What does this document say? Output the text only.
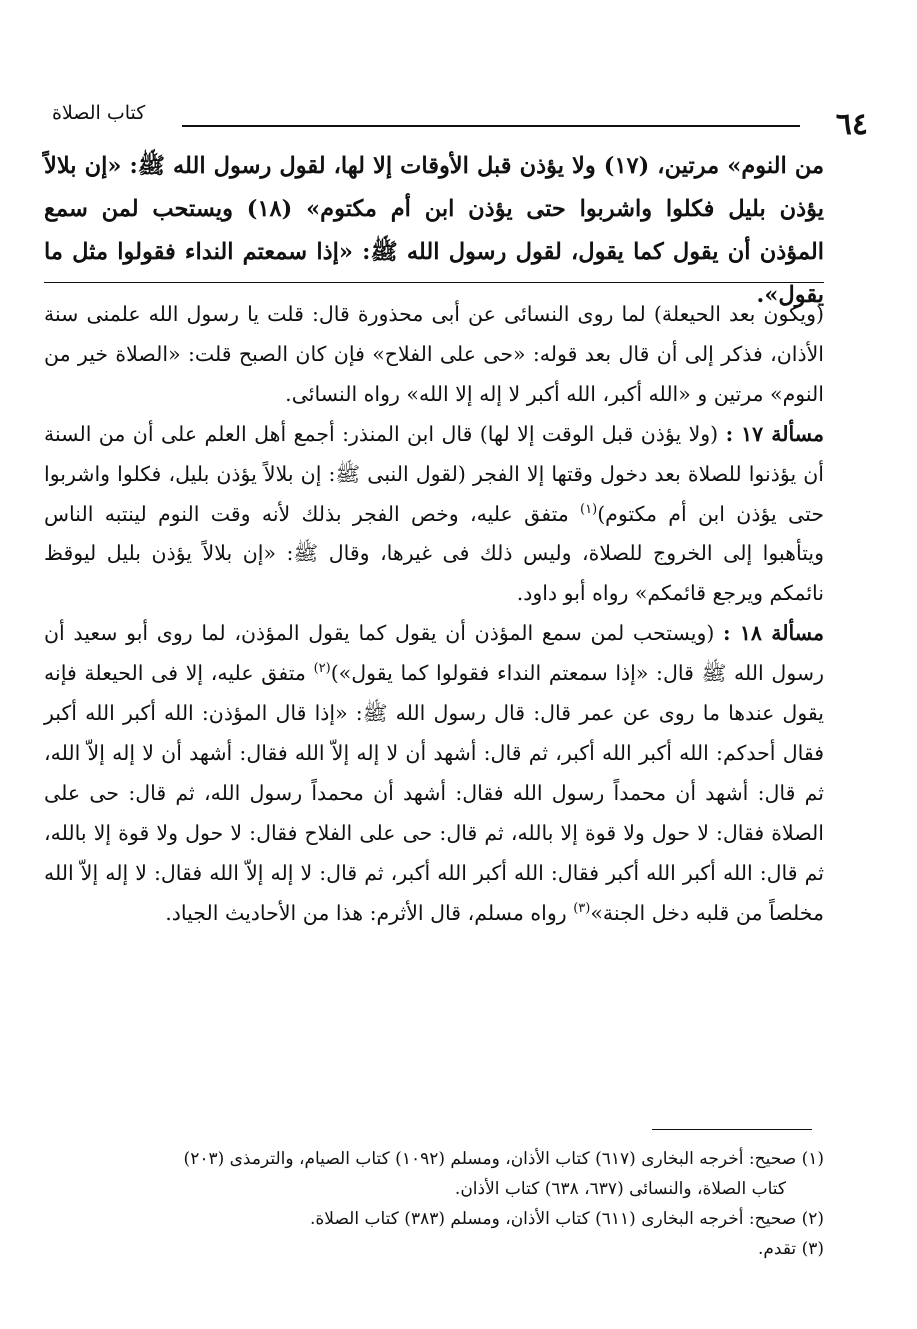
٦٤
كتاب الصلاة
من النوم» مرتين، (١٧) ولا يؤذن قبل الأوقات إلا لها، لقول رسول الله ﷺ: «إن بلالاً يؤذن بليل فكلوا واشربوا حتى يؤذن ابن أم مكتوم» (١٨) ويستحب لمن سمع المؤذن أن يقول كما يقول، لقول رسول الله ﷺ: «إذا سمعتم النداء فقولوا مثل ما يقول».

(ويكون بعد الحيعلة) لما روى النسائى عن أبى محذورة قال: قلت يا رسول الله علمنى سنة الأذان، فذكر إلى أن قال بعد قوله: «حى على الفلاح» فإن كان الصبح قلت: «الصلاة خير من النوم» مرتين و «الله أكبر، الله أكبر لا إله إلا الله» رواه النسائى.

مسألة ١٧ : (ولا يؤذن قبل الوقت إلا لها) قال ابن المنذر: أجمع أهل العلم على أن من السنة أن يؤذنوا للصلاة بعد دخول وقتها إلا الفجر (لقول النبى ﷺ: إن بلالاً يؤذن بليل، فكلوا واشربوا حتى يؤذن ابن أم مكتوم)$^{(١)}$ متفق عليه، وخص الفجر بذلك لأنه وقت النوم لينتبه الناس ويتأهبوا إلى الخروج للصلاة، وليس ذلك فى غيرها، وقال ﷺ: «إن بلالاً يؤذن بليل ليوقظ نائمكم ويرجع قائمكم» رواه أبو داود.

مسألة ١٨ : (ويستحب لمن سمع المؤذن أن يقول كما يقول المؤذن، لما روى أبو سعيد أن رسول الله ﷺ قال: «إذا سمعتم النداء فقولوا كما يقول»)$^{(٢)}$ متفق عليه، إلا فى الحيعلة فإنه يقول عندها ما روى عن عمر قال: قال رسول الله ﷺ: «إذا قال المؤذن: الله أكبر الله أكبر فقال أحدكم: الله أكبر الله أكبر، ثم قال: أشهد أن لا إله إلاّ الله فقال: أشهد أن لا إله إلاّ الله، ثم قال: أشهد أن محمداً رسول الله فقال: أشهد أن محمداً رسول الله، ثم قال: حى على الصلاة فقال: لا حول ولا قوة إلا بالله، ثم قال: حى على الفلاح فقال: لا حول ولا قوة إلا بالله، ثم قال: الله أكبر الله أكبر فقال: الله أكبر الله أكبر، ثم قال: لا إله إلاّ الله فقال: لا إله إلاّ الله مخلصاً من قلبه دخل الجنة»$^{(٣)}$ رواه مسلم، قال الأثرم: هذا من الأحاديث الجياد.

(١) صحيح: أخرجه البخارى (٦١٧) كتاب الأذان، ومسلم (١٠٩٢) كتاب الصيام، والترمذى (٢٠٣)

كتاب الصلاة، والنسائى (٦٣٧، ٦٣٨) كتاب الأذان.

(٢) صحيح: أخرجه البخارى (٦١١) كتاب الأذان، ومسلم (٣٨٣) كتاب الصلاة.

(٣) تقدم.
